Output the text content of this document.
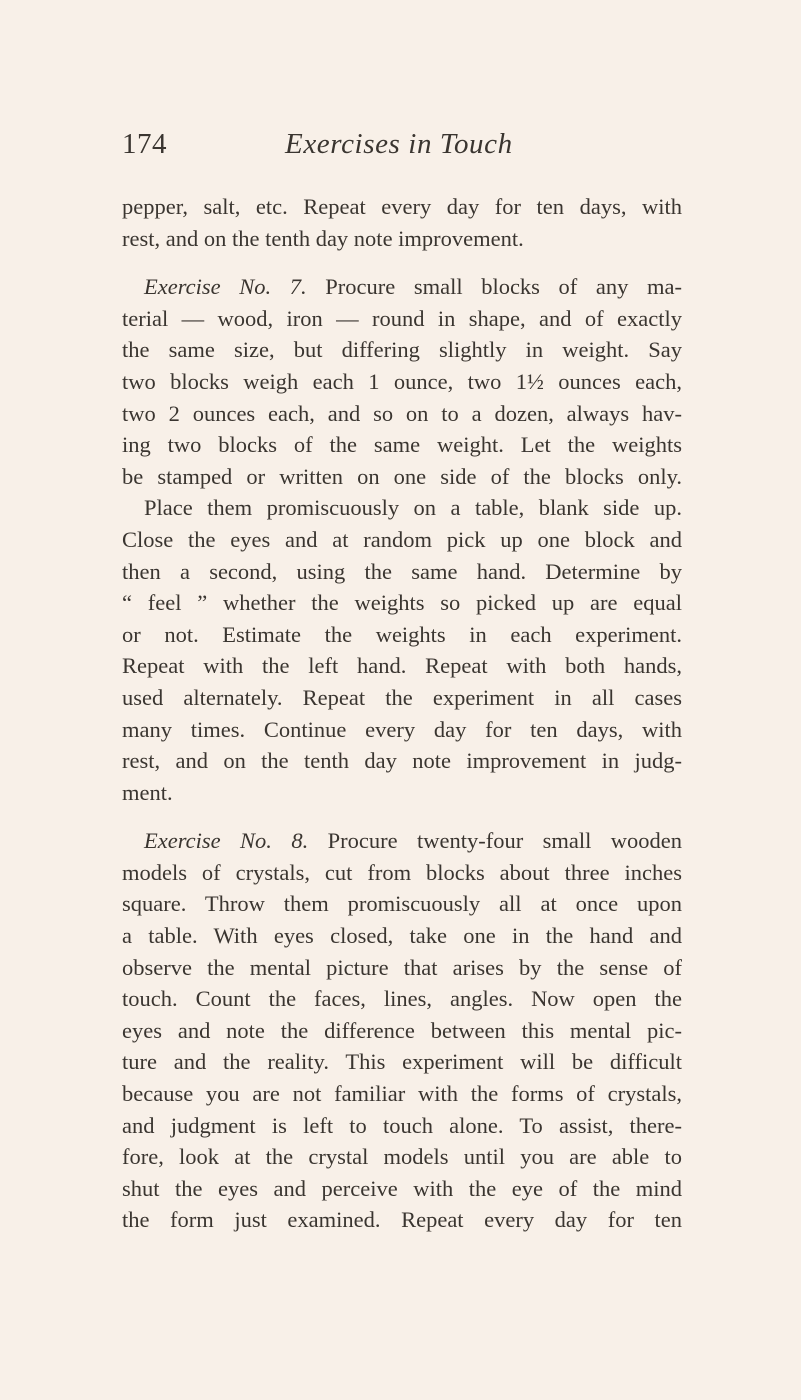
174	Exercises in Touch
pepper, salt, etc. Repeat every day for ten days, with
rest, and on the tenth day note improvement.
Exercise No. 7. Procure small blocks of any ma-
terial — wood, iron — round in shape, and of exactly
the same size, but differing slightly in weight. Say
two blocks weigh each 1 ounce, two 1½ ounces each,
two 2 ounces each, and so on to a dozen, always hav-
ing two blocks of the same weight. Let the weights
be stamped or written on one side of the blocks only.
Place them promiscuously on a table, blank side up.
Close the eyes and at random pick up one block and
then a second, using the same hand. Determine by
“ feel ” whether the weights so picked up are equal
or not. Estimate the weights in each experiment.
Repeat with the left hand. Repeat with both hands,
used alternately. Repeat the experiment in all cases
many times. Continue every day for ten days, with
rest, and on the tenth day note improvement in judg-
ment.
Exercise No. 8. Procure twenty-four small wooden
models of crystals, cut from blocks about three inches
square. Throw them promiscuously all at once upon
a table. With eyes closed, take one in the hand and
observe the mental picture that arises by the sense of
touch. Count the faces, lines, angles. Now open the
eyes and note the difference between this mental pic-
ture and the reality. This experiment will be difficult
because you are not familiar with the forms of crystals,
and judgment is left to touch alone. To assist, there-
fore, look at the crystal models until you are able to
shut the eyes and perceive with the eye of the mind
the form just examined. Repeat every day for ten
